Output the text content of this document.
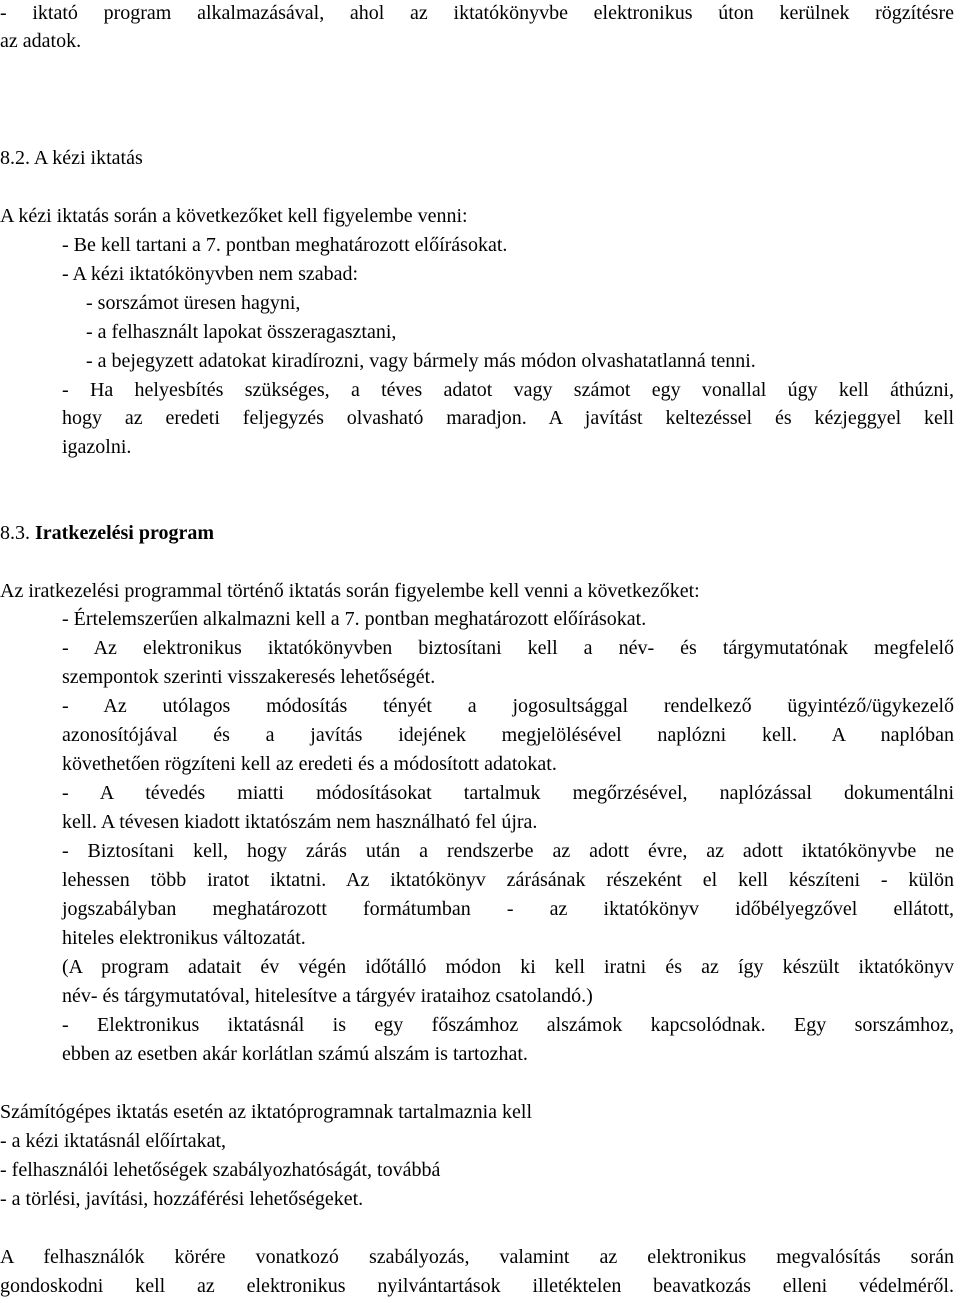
- iktató program alkalmazásával, ahol az iktatókönyvbe elektronikus úton kerülnek rögzítésre
az adatok.
8.2. A kézi iktatás
A kézi iktatás során a következőket kell figyelembe venni:
- Be kell tartani a 7. pontban meghatározott előírásokat.
- A kézi iktatókönyvben nem szabad:
- sorszámot üresen hagyni,
- a felhasznált lapokat összeragasztani,
- a bejegyzett adatokat kiradírozni, vagy bármely más módon olvashatatlanná tenni.
- Ha helyesbítés szükséges, a téves adatot vagy számot egy vonallal úgy kell áthúzni,
hogy az eredeti feljegyzés olvasható maradjon. A javítást keltezéssel és kézjeggyel kell
igazolni.
8.3. Iratkezelési program
Az iratkezelési programmal történő iktatás során figyelembe kell venni a következőket:
- Értelemszerűen alkalmazni kell a 7. pontban meghatározott előírásokat.
- Az elektronikus iktatókönyvben biztosítani kell a név- és tárgymutatónak megfelelő
szempontok szerinti visszakeresés lehetőségét.
- Az utólagos módosítás tényét a jogosultsággal rendelkező ügyintéző/ügykezelő
azonosítójával és a javítás idejének megjelölésével naplózni kell. A naplóban
követhetően rögzíteni kell az eredeti és a módosított adatokat.
- A tévedés miatti módosításokat tartalmuk megőrzésével, naplózással dokumentálni
kell. A tévesen kiadott iktatószám nem használható fel újra.
- Biztosítani kell, hogy zárás után a rendszerbe az adott évre, az adott iktatókönyvbe ne
lehessen több iratot iktatni. Az iktatókönyv zárásának részeként el kell készíteni - külön
jogszabályban meghatározott formátumban - az iktatókönyv időbélyegzővel ellátott,
hiteles elektronikus változatát.
(A program adatait év végén időtálló módon ki kell iratni és az így készült iktatókönyv
név- és tárgymutatóval, hitelesítve a tárgyév irataihoz csatolandó.)
- Elektronikus iktatásnál is egy főszámhoz alszámok kapcsolódnak. Egy sorszámhoz,
ebben az esetben akár korlátlan számú alszám is tartozhat.
Számítógépes iktatás esetén az iktatóprogramnak tartalmaznia kell
- a kézi iktatásnál előírtakat,
- felhasználói lehetőségek szabályozhatóságát, továbbá
- a törlési, javítási, hozzáférési lehetőségeket.
A felhasználók körére vonatkozó szabályozás, valamint az elektronikus megvalósítás során
gondoskodni kell az elektronikus nyilvántartások illetéktelen beavatkozás elleni védelméről.
